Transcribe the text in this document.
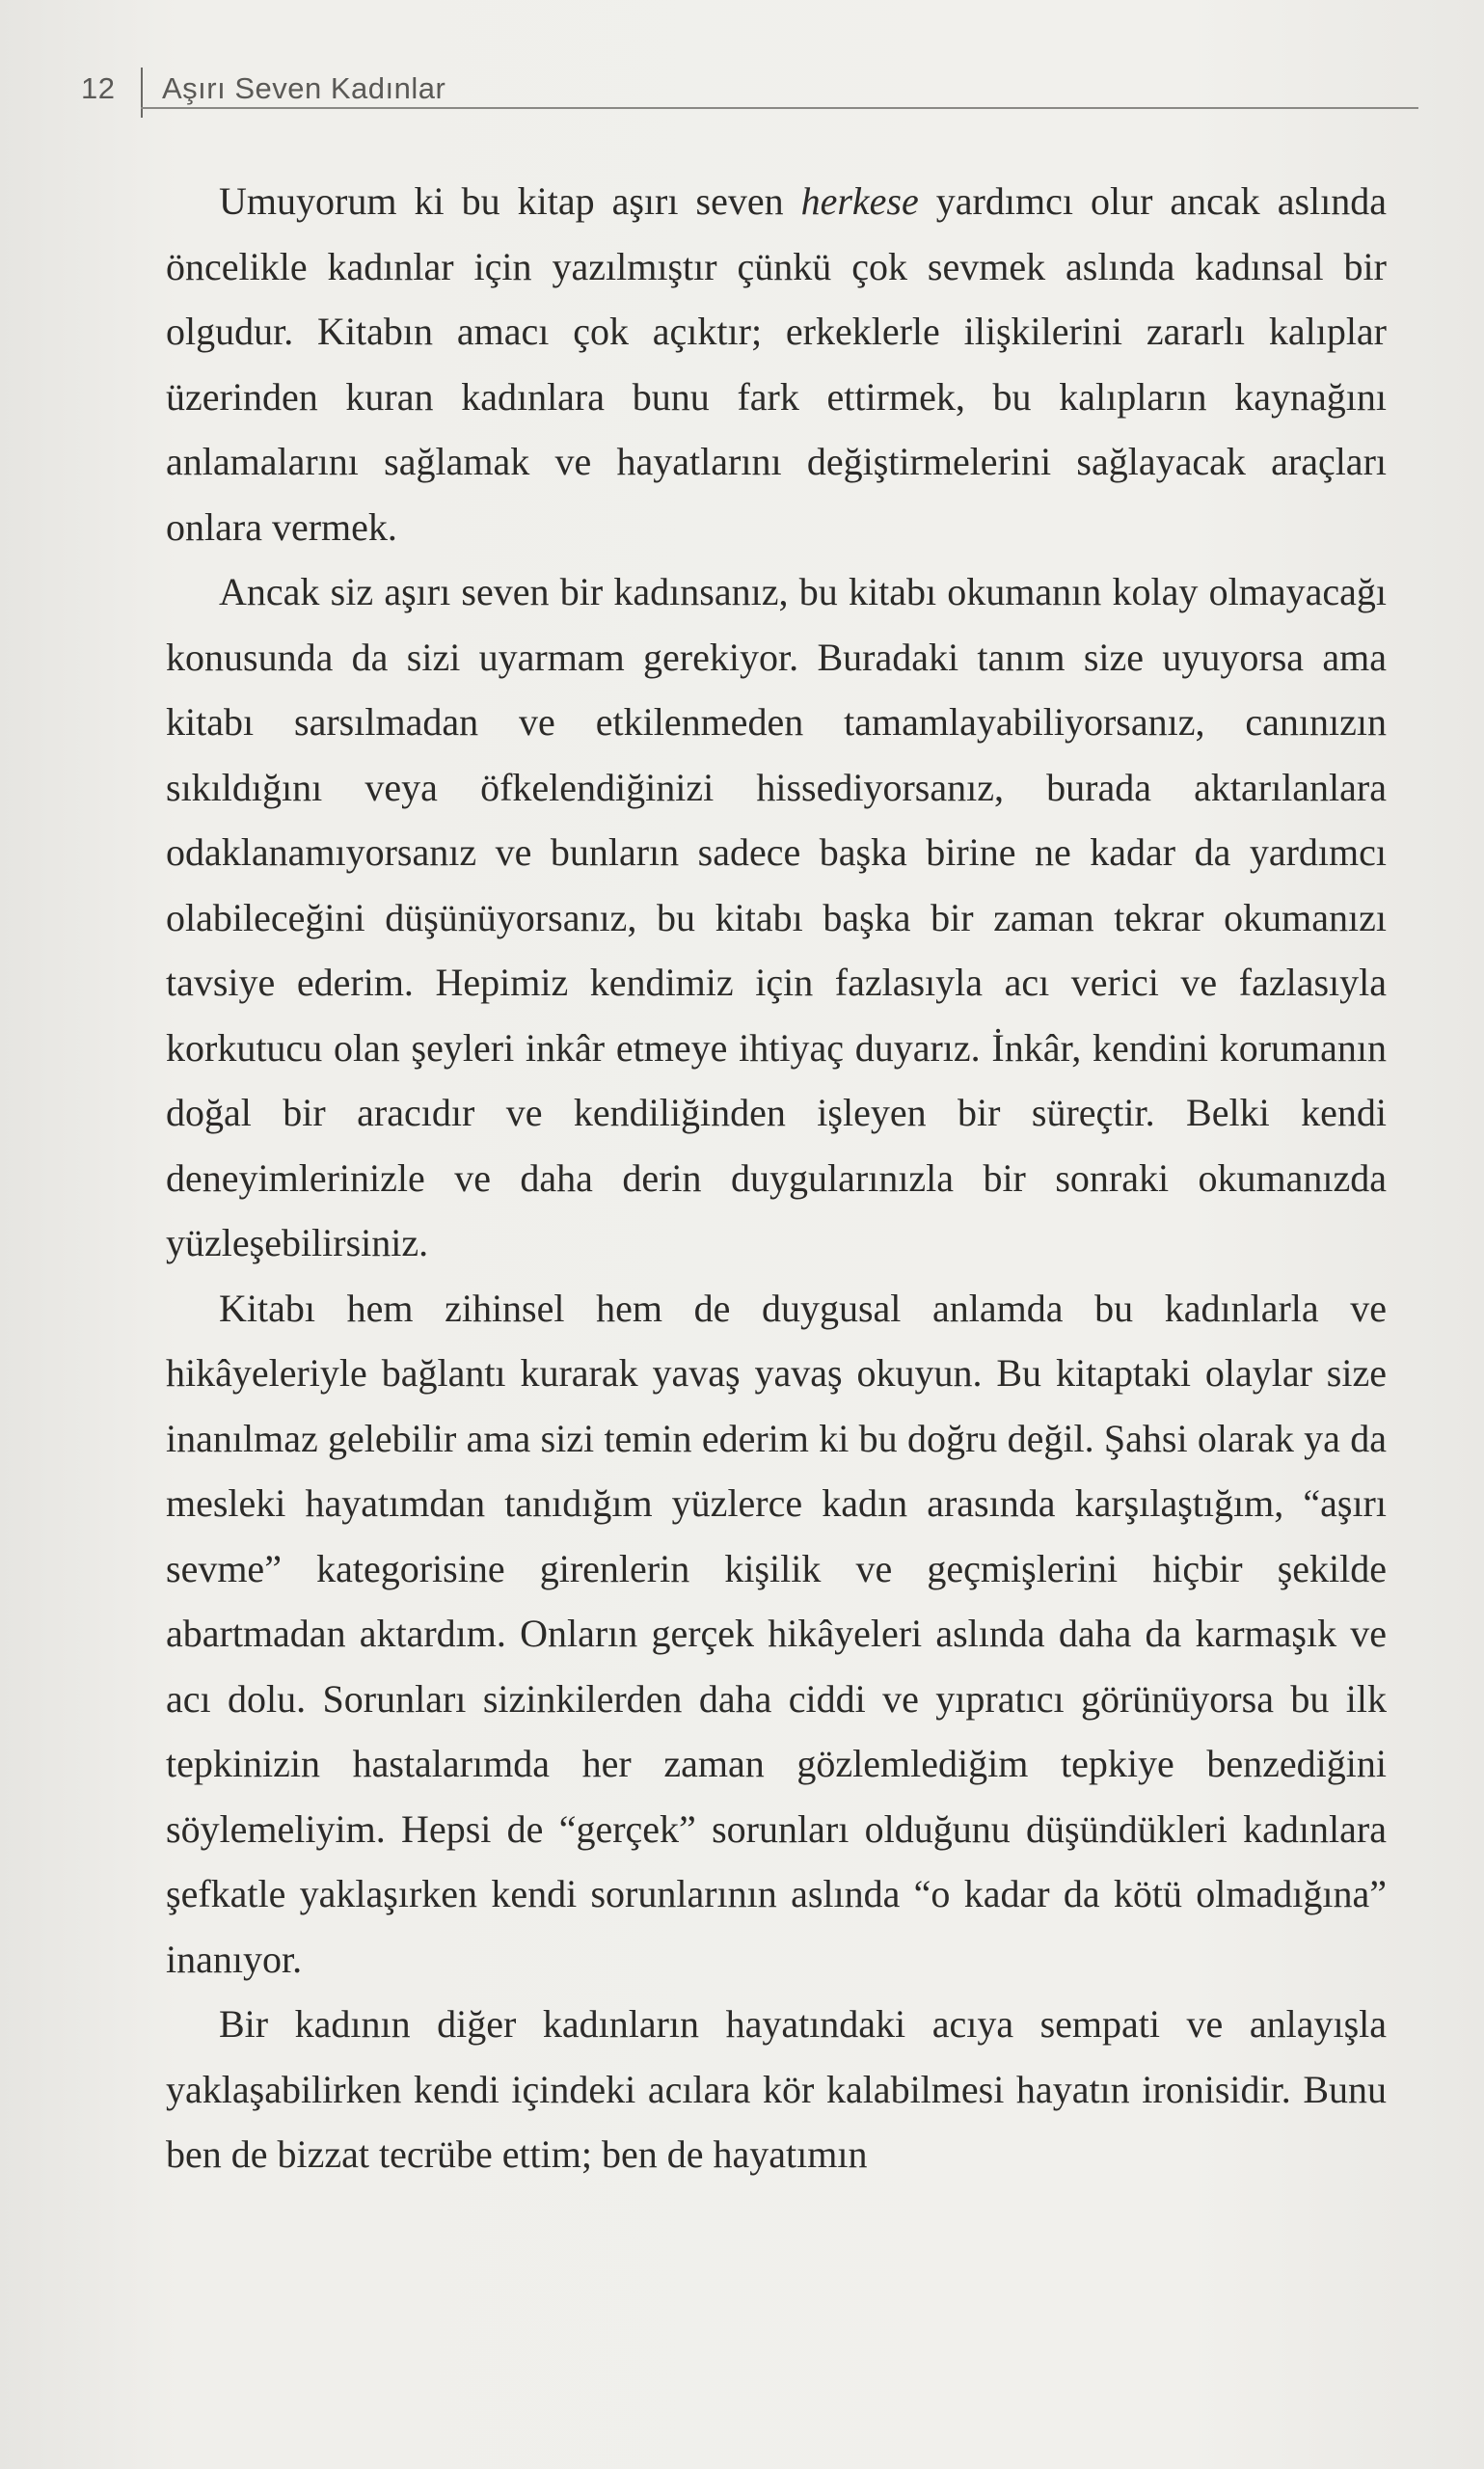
12 Aşırı Seven Kadınlar

Umuyorum ki bu kitap aşırı seven herkese yardımcı olur ancak aslında öncelikle kadınlar için yazılmıştır çünkü çok sevmek aslında kadınsal bir olgudur. Kitabın amacı çok açıktır; erkeklerle ilişkilerini zararlı kalıplar üzerinden kuran kadınlara bunu fark ettirmek, bu kalıpların kaynağını anlamalarını sağlamak ve hayatlarını değiştirmelerini sağlayacak araçları onlara vermek.

Ancak siz aşırı seven bir kadınsanız, bu kitabı okumanın kolay olmayacağı konusunda da sizi uyarmam gerekiyor. Buradaki tanım size uyuyorsa ama kitabı sarsılmadan ve etkilenmeden tamamlayabiliyorsanız, canınızın sıkıldığını veya öfkelendiğinizi hissediyorsanız, burada aktarılanlara odaklanamıyorsanız ve bunların sadece başka birine ne kadar da yardımcı olabileceğini düşünüyorsanız, bu kitabı başka bir zaman tekrar okumanızı tavsiye ederim. Hepimiz kendimiz için fazlasıyla acı verici ve fazlasıyla korkutucu olan şeyleri inkâr etmeye ihtiyaç duyarız. İnkâr, kendini korumanın doğal bir aracıdır ve kendiliğinden işleyen bir süreçtir. Belki kendi deneyimlerinizle ve daha derin duygularınızla bir sonraki okumanızda yüzleşebilirsiniz.

Kitabı hem zihinsel hem de duygusal anlamda bu kadınlarla ve hikâyeleriyle bağlantı kurarak yavaş yavaş okuyun. Bu kitaptaki olaylar size inanılmaz gelebilir ama sizi temin ederim ki bu doğru değil. Şahsi olarak ya da mesleki hayatımdan tanıdığım yüzlerce kadın arasında karşılaştığım, “aşırı sevme” kategorisine girenlerin kişilik ve geçmişlerini hiçbir şekilde abartmadan aktardım. Onların gerçek hikâyeleri aslında daha da karmaşık ve acı dolu. Sorunları sizinkilerden daha ciddi ve yıpratıcı görünüyorsa bu ilk tepkinizin hastalarımda her zaman gözlemlediğim tepkiye benzediğini söylemeliyim. Hepsi de “gerçek” sorunları olduğunu düşündükleri kadınlara şefkatle yaklaşırken kendi sorunlarının aslında “o kadar da kötü olmadığına” inanıyor.

Bir kadının diğer kadınların hayatındaki acıya sempati ve anlayışla yaklaşabilirken kendi içindeki acılara kör kalabilmesi hayatın ironisidir. Bunu ben de bizzat tecrübe ettim; ben de hayatımın
